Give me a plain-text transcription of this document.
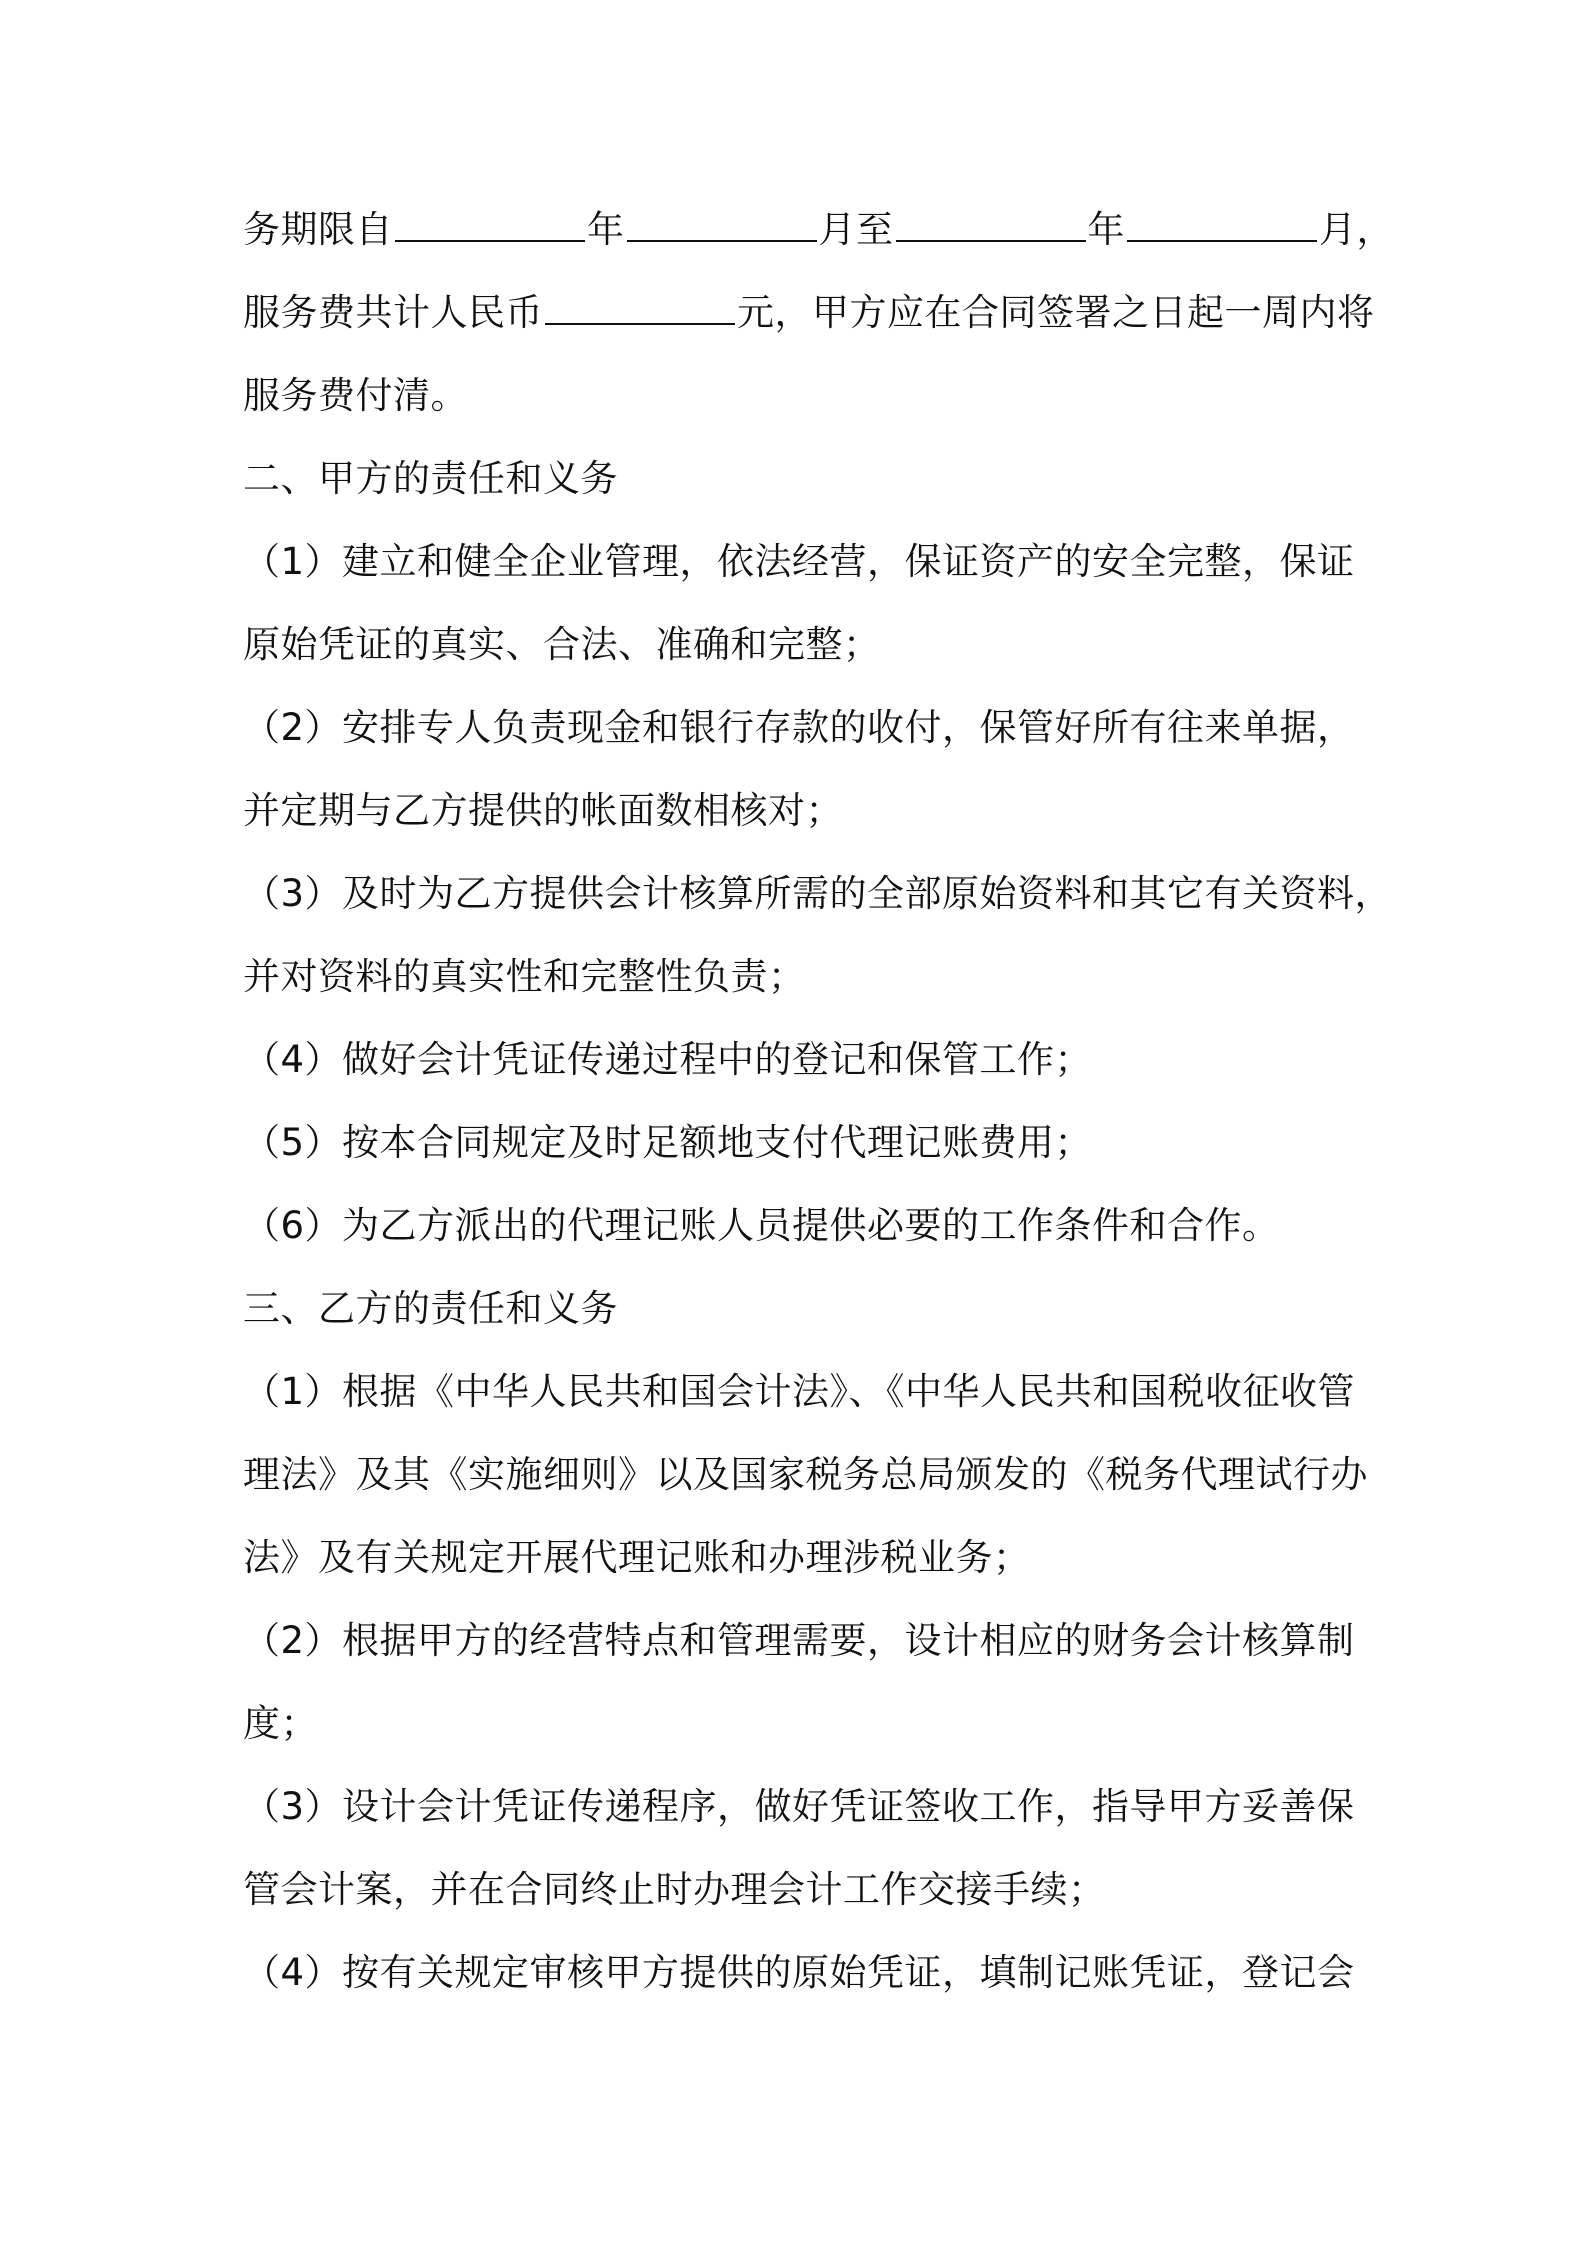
务期限自	年	月至	年	月，
服务费共计人民币	元，甲方应在合同签署之日起一周内将
服务费付清。
二、甲方的责任和义务
（1）建立和健全企业管理，依法经营，保证资产的安全完整，保证
原始凭证的真实、合法、准确和完整；
（2）安排专人负责现金和银行存款的收付，保管好所有往来单据，
并定期与乙方提供的帐面数相核对；
（3）及时为乙方提供会计核算所需的全部原始资料和其它有关资料，
并对资料的真实性和完整性负责；
（4）做好会计凭证传递过程中的登记和保管工作；
（5）按本合同规定及时足额地支付代理记账费用；
（6）为乙方派出的代理记账人员提供必要的工作条件和合作。
三、乙方的责任和义务
（1）根据《中华人民共和国会计法》、《中华人民共和国税收征收管
理法》及其《实施细则》以及国家税务总局颁发的《税务代理试行办
法》及有关规定开展代理记账和办理涉税业务；
（2）根据甲方的经营特点和管理需要，设计相应的财务会计核算制
度；
（3）设计会计凭证传递程序，做好凭证签收工作，指导甲方妥善保
管会计案，并在合同终止时办理会计工作交接手续；
（4）按有关规定审核甲方提供的原始凭证，填制记账凭证，登记会
